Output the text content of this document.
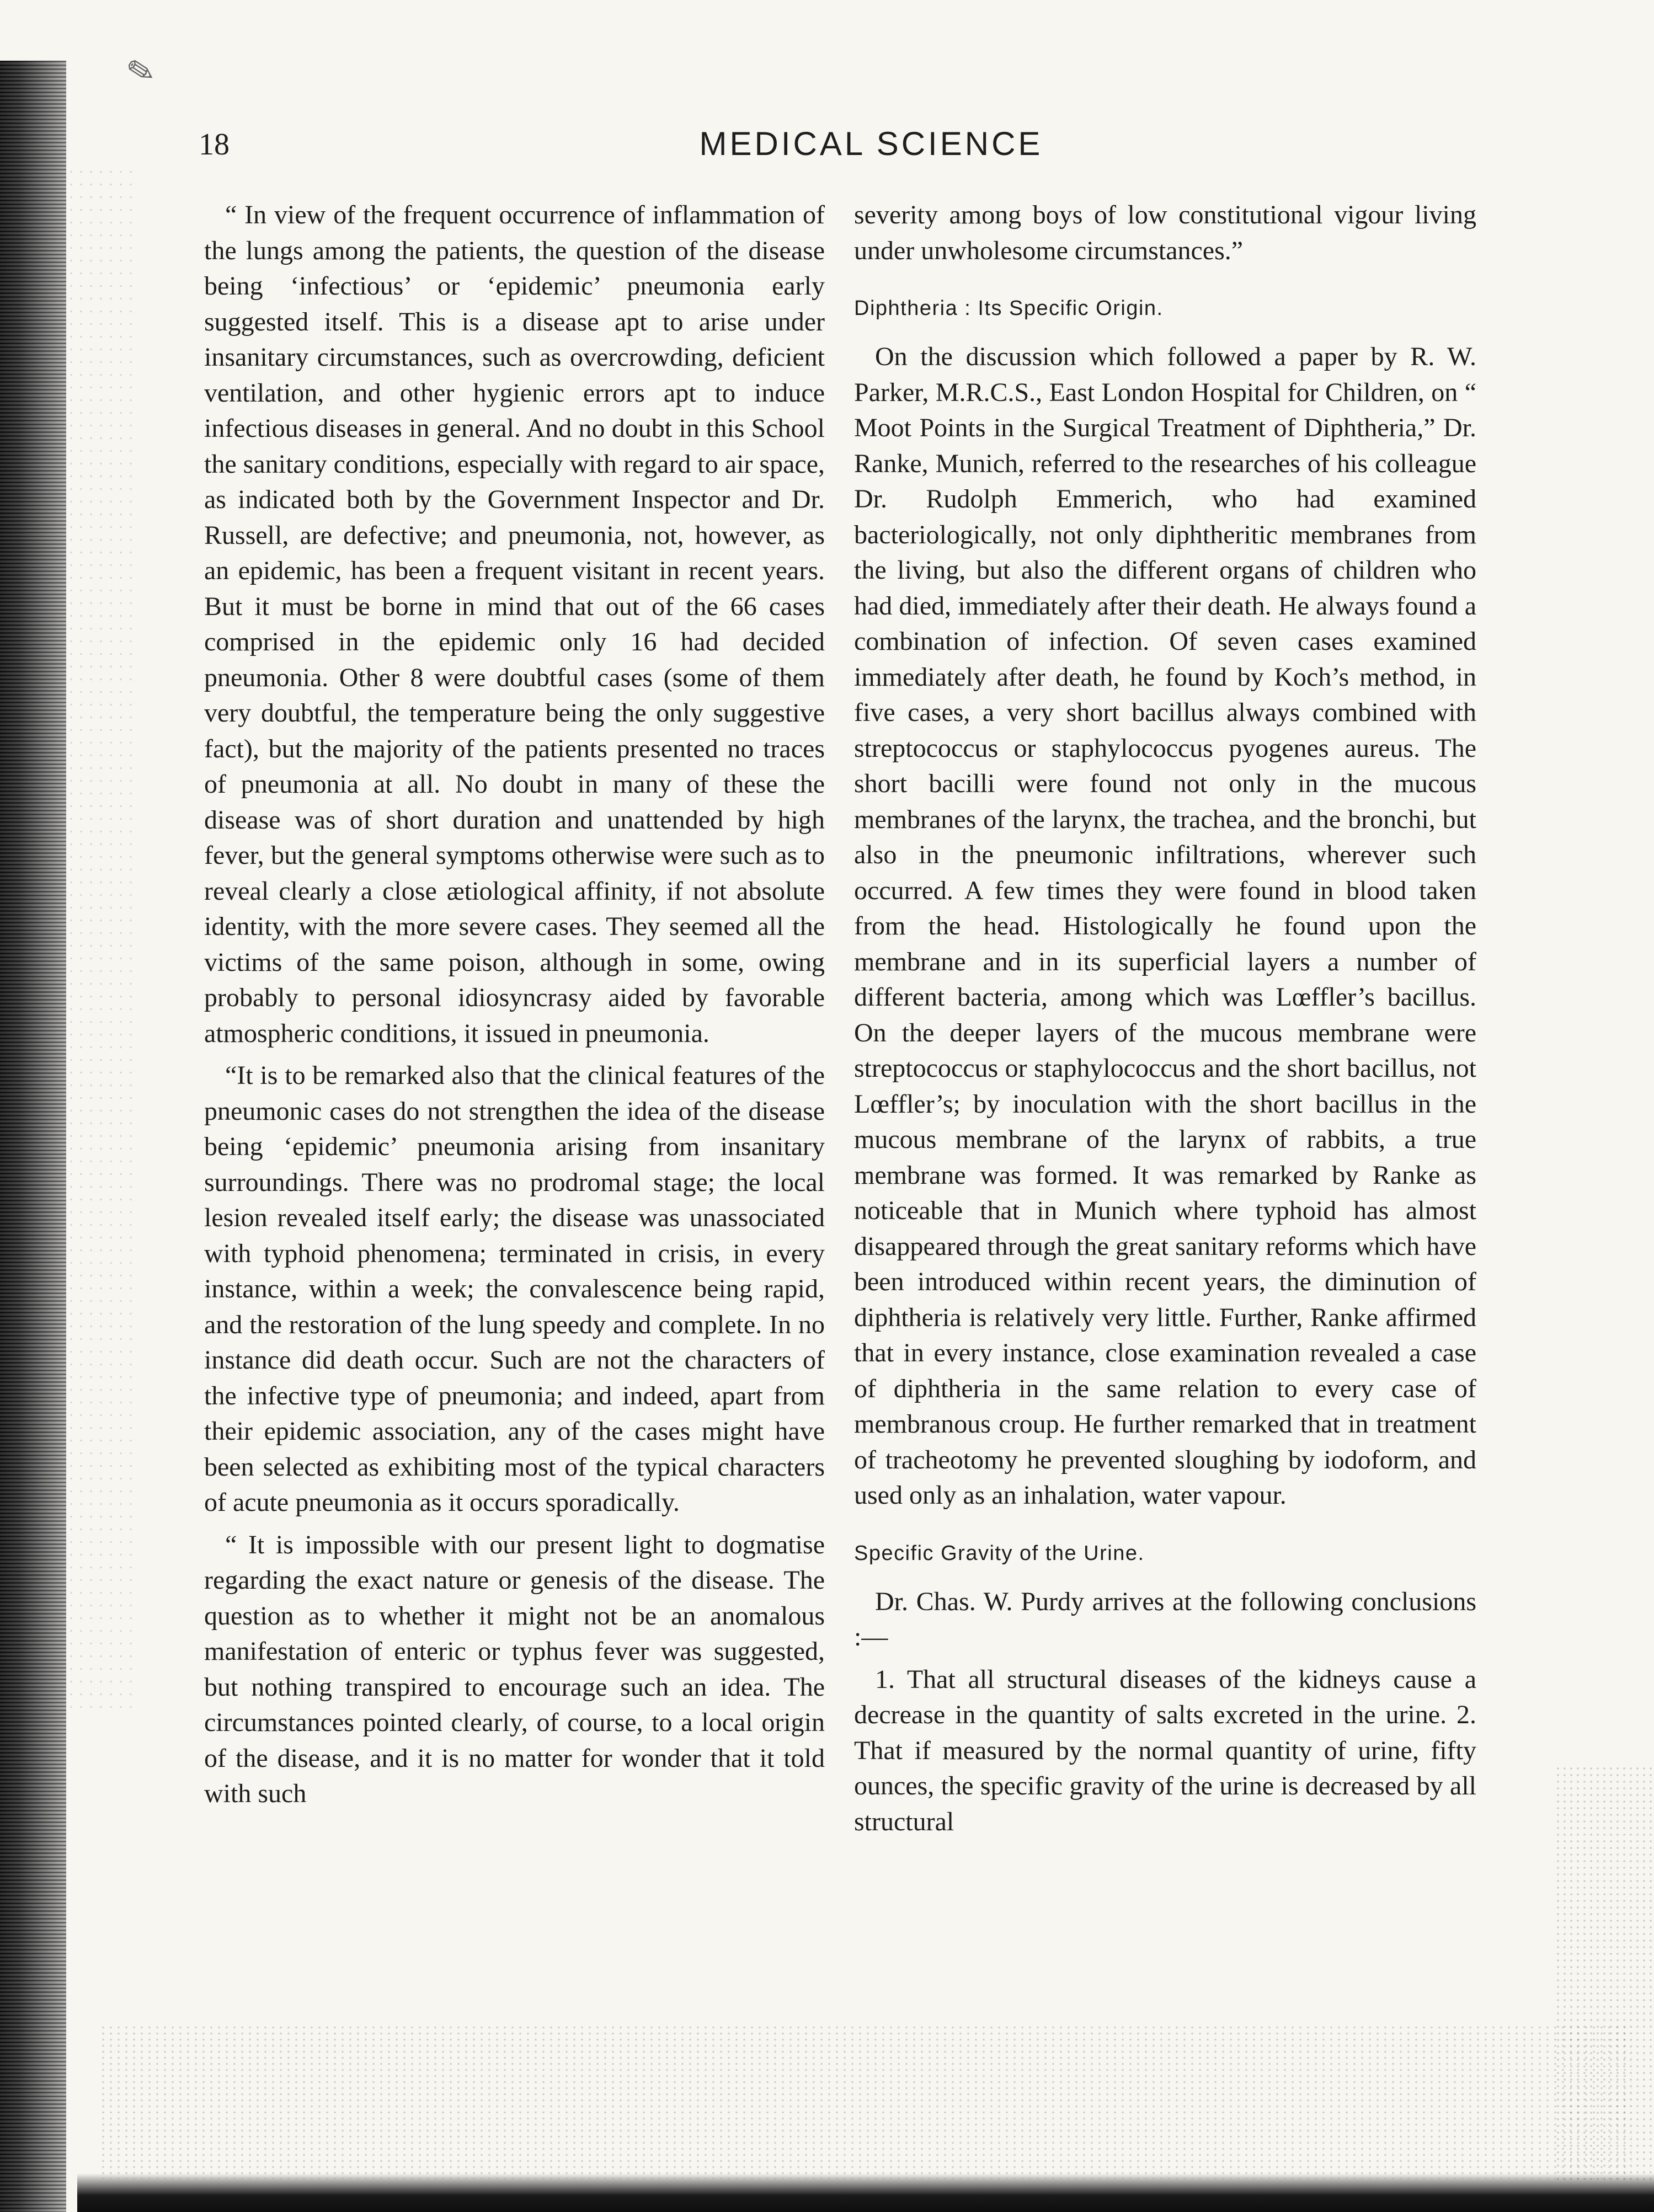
✎
18	MEDICAL SCIENCE

“ In view of the frequent occurrence of inflammation of the lungs among the patients, the question of the disease being ‘infectious’ or ‘epidemic’ pneumonia early suggested itself. This is a disease apt to arise under insanitary circumstances, such as overcrowding, deficient ventilation, and other hygienic errors apt to induce infectious diseases in general. And no doubt in this School the sanitary conditions, especially with regard to air space, as indicated both by the Government Inspector and Dr. Russell, are defective; and pneumonia, not, however, as an epidemic, has been a frequent visitant in recent years. But it must be borne in mind that out of the 66 cases comprised in the epidemic only 16 had decided pneumonia. Other 8 were doubtful cases (some of them very doubtful, the temperature being the only suggestive fact), but the majority of the patients presented no traces of pneumonia at all. No doubt in many of these the disease was of short duration and unattended by high fever, but the general symptoms otherwise were such as to reveal clearly a close ætiological affinity, if not absolute identity, with the more severe cases. They seemed all the victims of the same poison, although in some, owing probably to personal idiosyncrasy aided by favorable atmospheric conditions, it issued in pneumonia.

“It is to be remarked also that the clinical features of the pneumonic cases do not strengthen the idea of the disease being ‘epidemic’ pneumonia arising from insanitary surroundings. There was no prodromal stage; the local lesion revealed itself early; the disease was unassociated with typhoid phenomena; terminated in crisis, in every instance, within a week; the convalescence being rapid, and the restoration of the lung speedy and complete. In no instance did death occur. Such are not the characters of the infective type of pneumonia; and indeed, apart from their epidemic association, any of the cases might have been selected as exhibiting most of the typical characters of acute pneumonia as it occurs sporadically.

“ It is impossible with our present light to dogmatise regarding the exact nature or genesis of the disease. The question as to whether it might not be an anomalous manifestation of enteric or typhus fever was suggested, but nothing transpired to encourage such an idea. The circumstances pointed clearly, of course, to a local origin of the disease, and it is no matter for wonder that it told with such

severity among boys of low constitutional vigour living under unwholesome circumstances.”

Diphtheria : Its Specific Origin.

On the discussion which followed a paper by R. W. Parker, M.R.C.S., East London Hospital for Children, on “ Moot Points in the Surgical Treatment of Diphtheria,” Dr. Ranke, Munich, referred to the researches of his colleague Dr. Rudolph Emmerich, who had examined bacteriologically, not only diphtheritic membranes from the living, but also the different organs of children who had died, immediately after their death. He always found a combination of infection. Of seven cases examined immediately after death, he found by Koch’s method, in five cases, a very short bacillus always combined with streptococcus or staphylococcus pyogenes aureus. The short bacilli were found not only in the mucous membranes of the larynx, the trachea, and the bronchi, but also in the pneumonic infiltrations, wherever such occurred. A few times they were found in blood taken from the head. Histologically he found upon the membrane and in its superficial layers a number of different bacteria, among which was Lœffler’s bacillus. On the deeper layers of the mucous membrane were streptococcus or staphylococcus and the short bacillus, not Lœffler’s; by inoculation with the short bacillus in the mucous membrane of the larynx of rabbits, a true membrane was formed. It was remarked by Ranke as noticeable that in Munich where typhoid has almost disappeared through the great sanitary reforms which have been introduced within recent years, the diminution of diphtheria is relatively very little. Further, Ranke affirmed that in every instance, close examination revealed a case of diphtheria in the same relation to every case of membranous croup. He further remarked that in treatment of tracheotomy he prevented sloughing by iodoform, and used only as an inhalation, water vapour.

Specific Gravity of the Urine.

Dr. Chas. W. Purdy arrives at the following conclusions :—

1. That all structural diseases of the kidneys cause a decrease in the quantity of salts excreted in the urine. 2. That if measured by the normal quantity of urine, fifty ounces, the specific gravity of the urine is decreased by all structural
